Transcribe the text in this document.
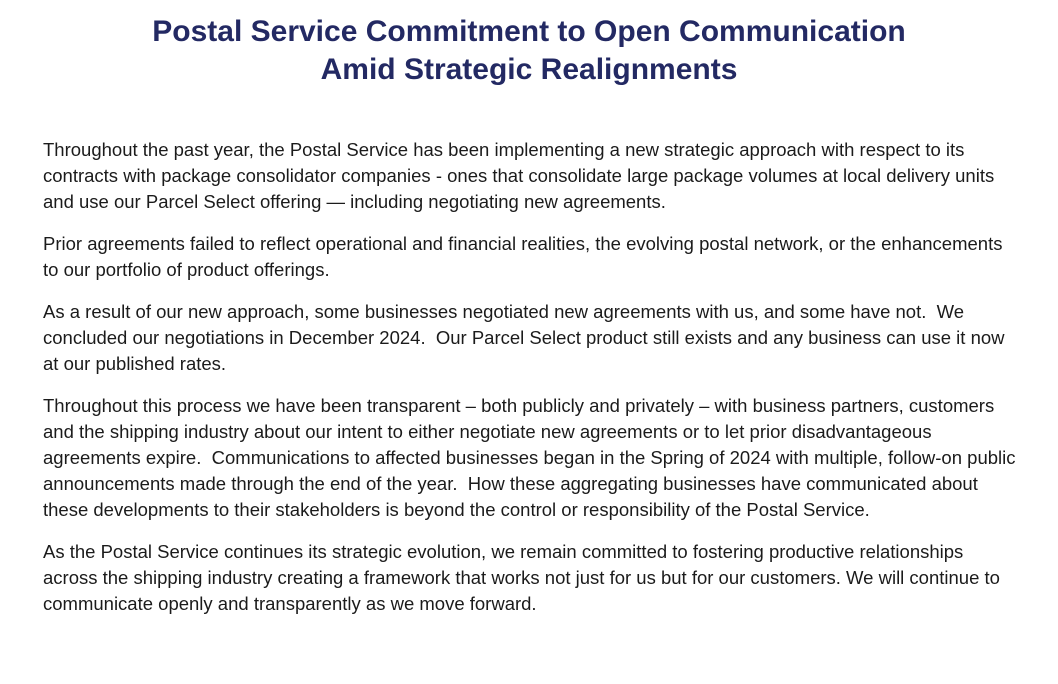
Postal Service Commitment to Open Communication
Amid Strategic Realignments

Throughout the past year, the Postal Service has been implementing a new strategic approach with respect to its contracts with package consolidator companies - ones that consolidate large package volumes at local delivery units and use our Parcel Select offering — including negotiating new agreements.

Prior agreements failed to reflect operational and financial realities, the evolving postal network, or the enhancements to our portfolio of product offerings.

As a result of our new approach, some businesses negotiated new agreements with us, and some have not.  We concluded our negotiations in December 2024.  Our Parcel Select product still exists and any business can use it now at our published rates.

Throughout this process we have been transparent – both publicly and privately – with business partners, customers and the shipping industry about our intent to either negotiate new agreements or to let prior disadvantageous agreements expire.  Communications to affected businesses began in the Spring of 2024 with multiple, follow-on public announcements made through the end of the year.  How these aggregating businesses have communicated about these developments to their stakeholders is beyond the control or responsibility of the Postal Service.

As the Postal Service continues its strategic evolution, we remain committed to fostering productive relationships across the shipping industry creating a framework that works not just for us but for our customers. We will continue to communicate openly and transparently as we move forward.
